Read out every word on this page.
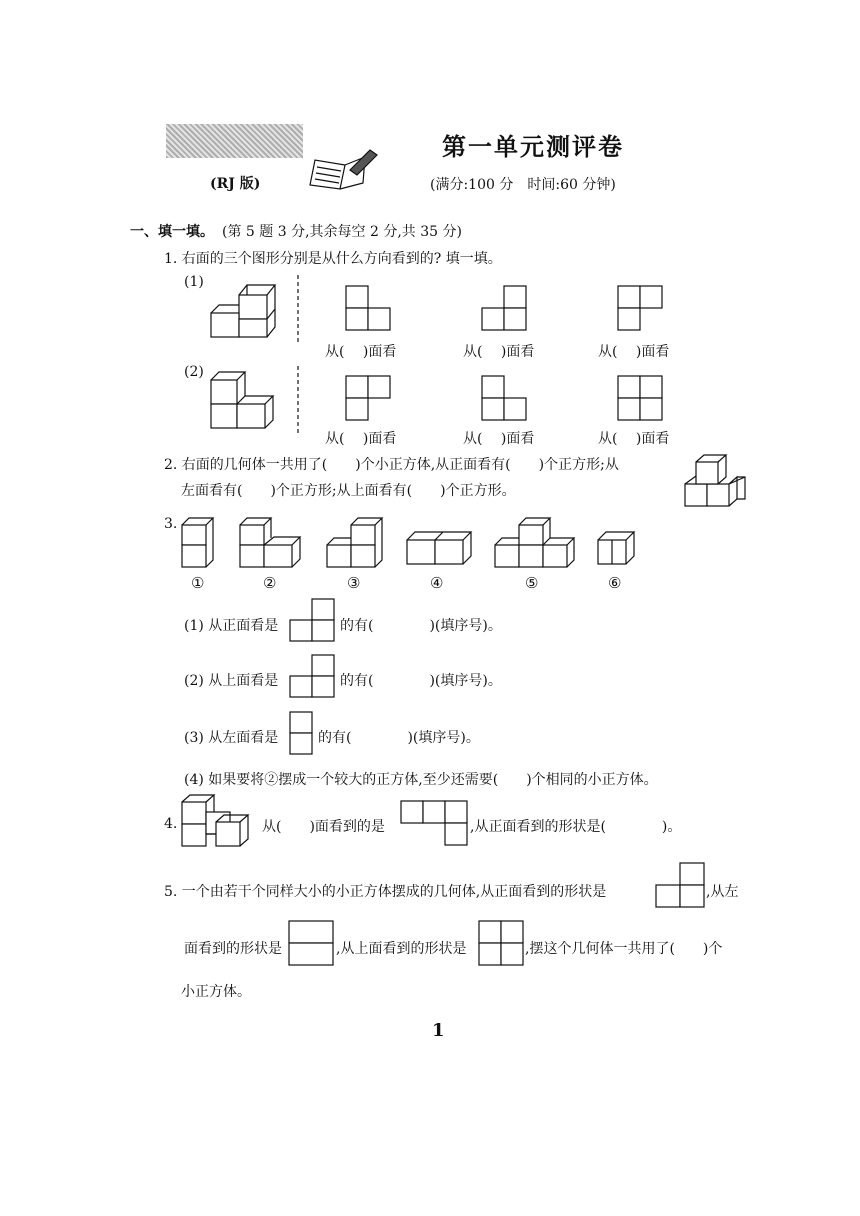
(RJ 版)
第一单元测评卷
(满分:100 分　时间:60 分钟)
一、填一填。 (第 5 题 3 分,其余每空 2 分,共 35 分)
1. 右面的三个图形分别是从什么方向看到的? 填一填。
(1)
从(　 )面看	从(　 )面看	从(　 )面看
(2)
从(　 )面看	从(　 )面看	从(　 )面看
2. 右面的几何体一共用了(　　)个小正方体,从正面看有(　　)个正方形;从
左面看有(　　)个正方形;从上面看有(　　)个正方形。
3.
①	②	③	④	⑤	⑥
(1) 从正面看是	的有(　　　　)(填序号)。
(2) 从上面看是	的有(　　　　)(填序号)。
(3) 从左面看是	的有(　　　　)(填序号)。
(4) 如果要将②摆成一个较大的正方体,至少还需要(　　)个相同的小正方体。
4.	从(　　)面看到的是	,从正面看到的形状是(　　　　)。
5. 一个由若干个同样大小的小正方体摆成的几何体,从正面看到的形状是	,从左
面看到的形状是	,从上面看到的形状是	,摆这个几何体一共用了(　　)个
小正方体。
1
